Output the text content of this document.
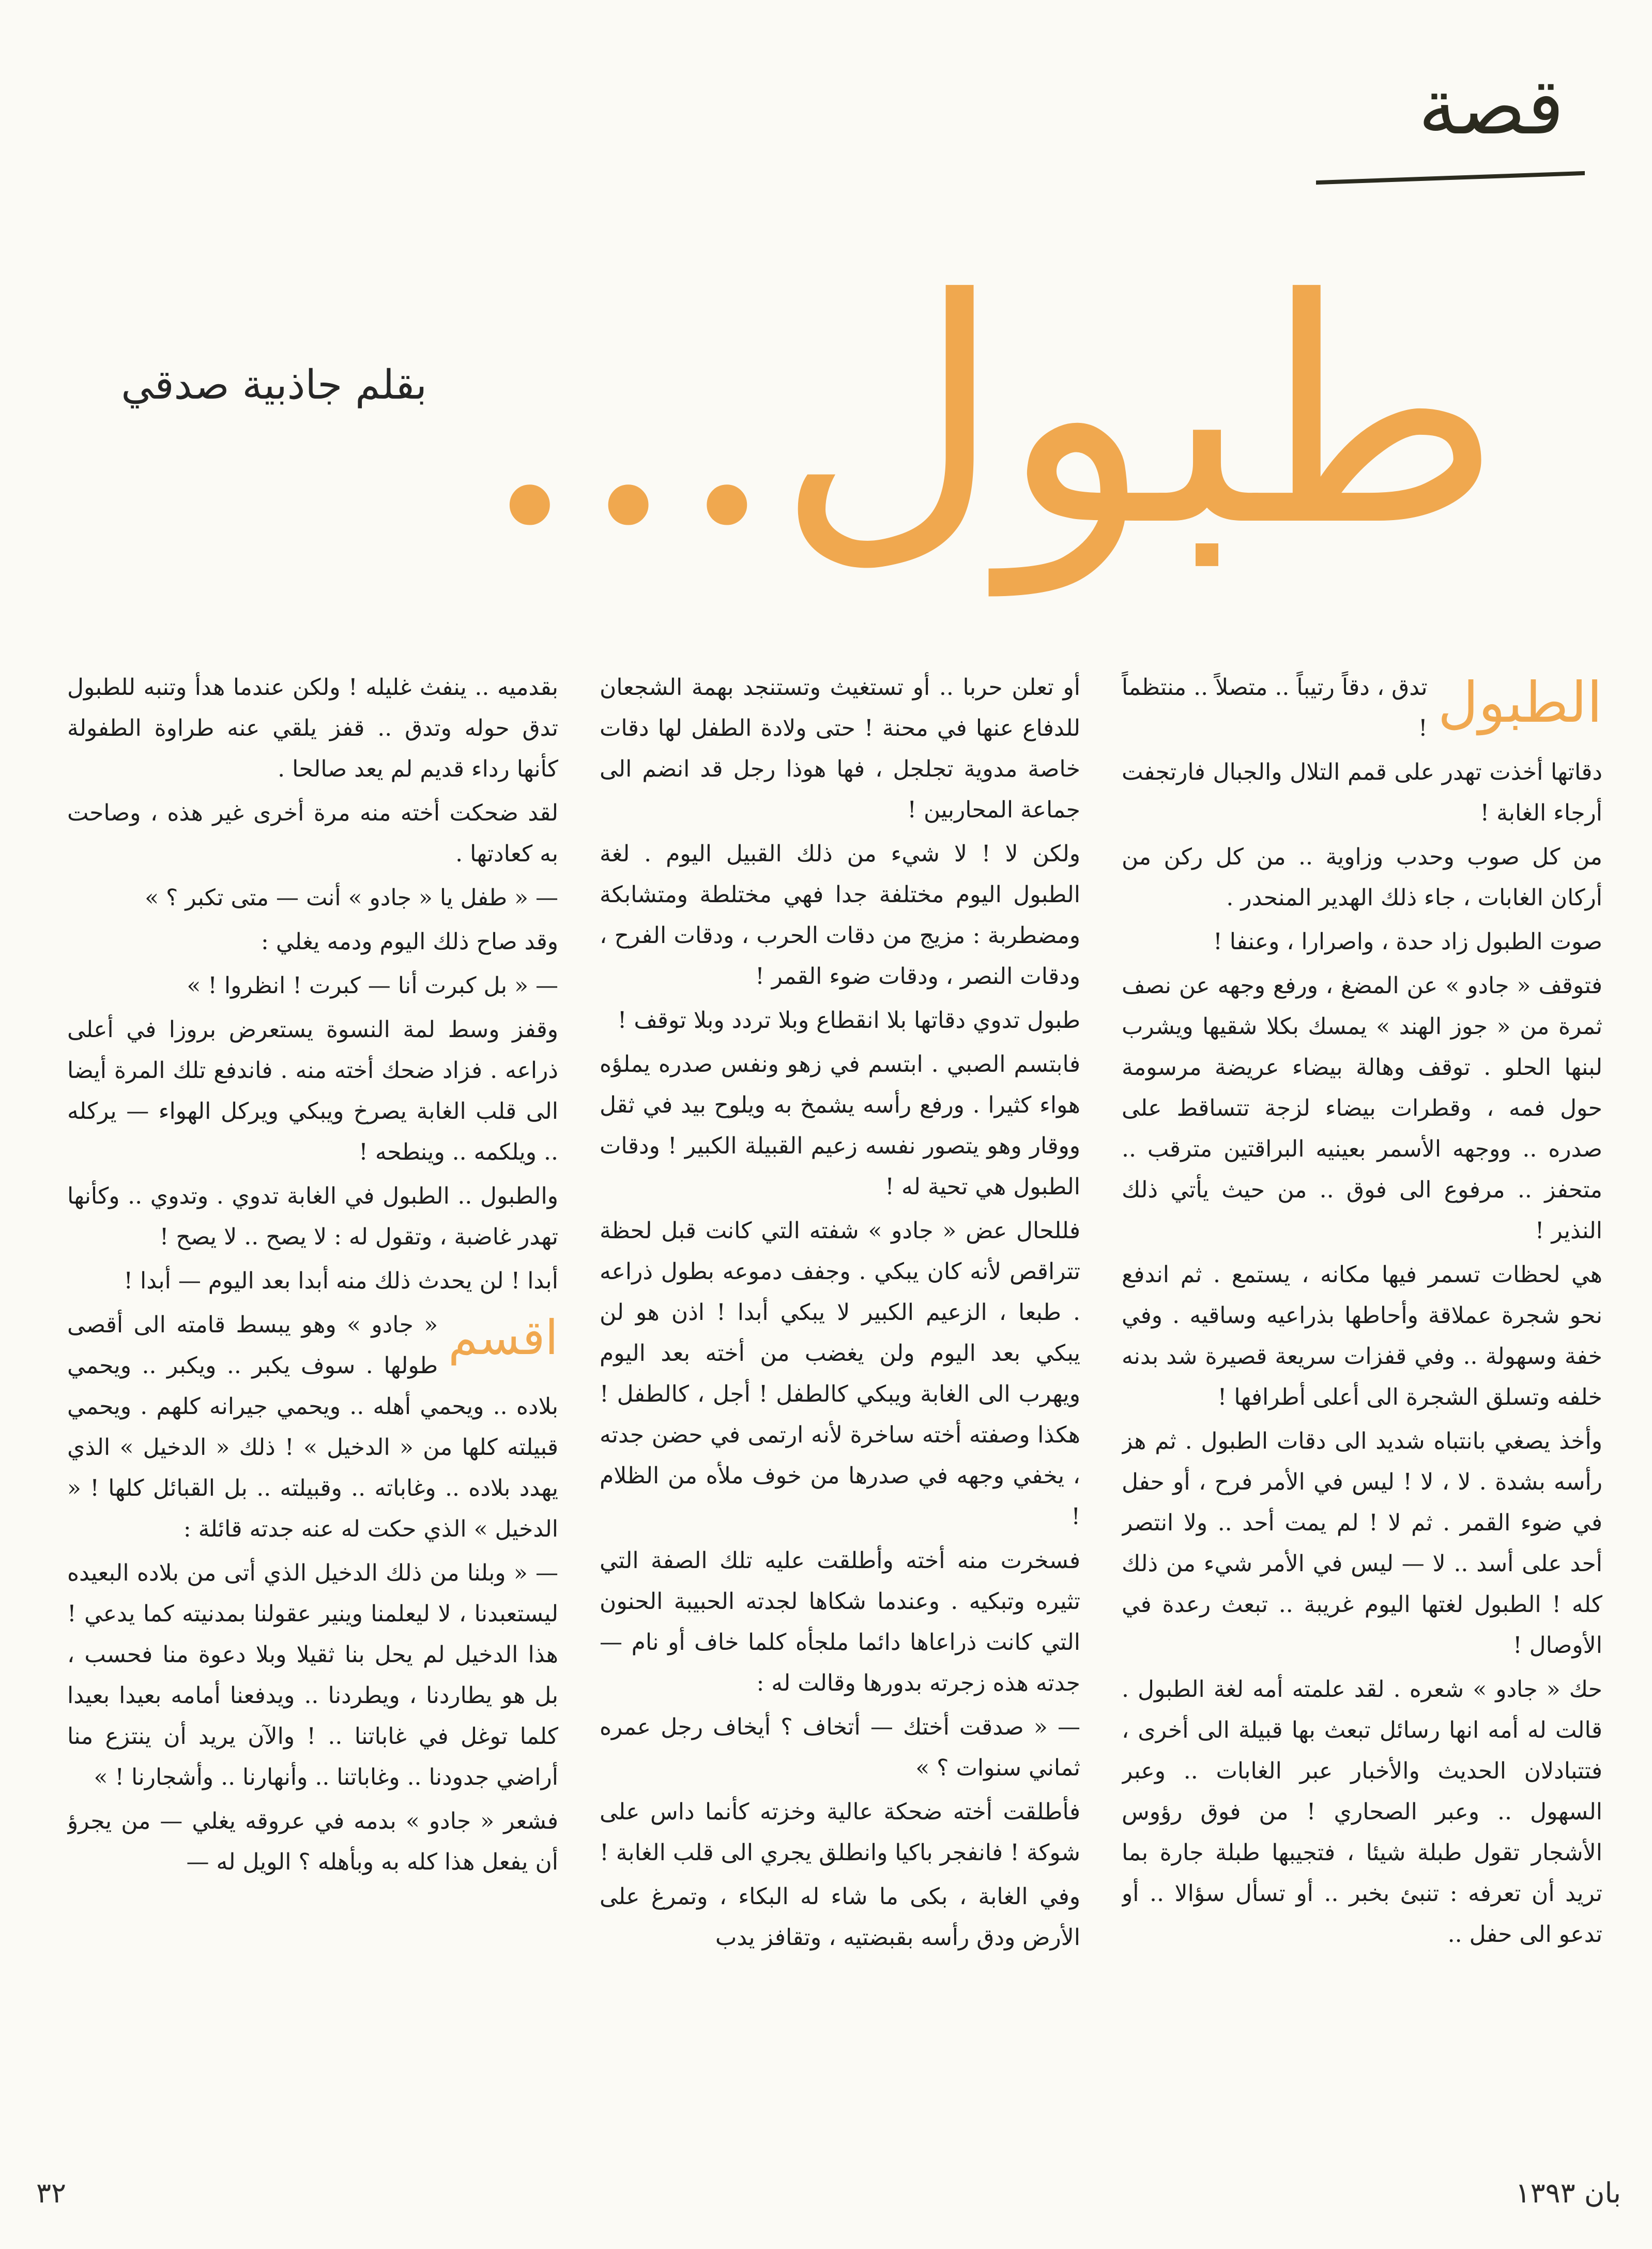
قصة
طبول...
بقلم جاذبية صدقي
الطبول

تدق ، دقاً رتيباً .. متصلاً .. منتظماً !

دقاتها أخذت تهدر على قمم التلال والجبال فارتجفت أرجاء الغابة !

من كل صوب وحدب وزاوية .. من كل ركن من أركان الغابات ، جاء ذلك الهدير المنحدر .

صوت الطبول زاد حدة ، واصرارا ، وعنفا !

فتوقف « جادو » عن المضغ ، ورفع وجهه عن نصف ثمرة من « جوز الهند » يمسك بكلا شقيها ويشرب لبنها الحلو . توقف وهالة بيضاء عريضة مرسومة حول فمه ، وقطرات بيضاء لزجة تتساقط على صدره .. ووجهه الأسمر بعينيه البراقتين مترقب .. متحفز .. مرفوع الى فوق .. من حيث يأتي ذلك النذير !

هي لحظات تسمر فيها مكانه ، يستمع . ثم اندفع نحو شجرة عملاقة وأحاطها بذراعيه وساقيه . وفي خفة وسهولة .. وفي قفزات سريعة قصيرة شد بدنه خلفه وتسلق الشجرة الى أعلى أطرافها !

وأخذ يصغي بانتباه شديد الى دقات الطبول . ثم هز رأسه بشدة . لا ، لا ! ليس في الأمر فرح ، أو حفل في ضوء القمر . ثم لا ! لم يمت أحد .. ولا انتصر أحد على أسد .. لا — ليس في الأمر شيء من ذلك كله ! الطبول لغتها اليوم غريبة .. تبعث رعدة في الأوصال !

حك « جادو » شعره . لقد علمته أمه لغة الطبول . قالت له أمه انها رسائل تبعث بها قبيلة الى أخرى ، فتتبادلان الحديث والأخبار عبر الغابات .. وعبر السهول .. وعبر الصحاري ! من فوق رؤوس الأشجار تقول طبلة شيئا ، فتجيبها طبلة جارة بما تريد أن تعرفه : تنبئ بخبر .. أو تسأل سؤالا .. أو تدعو الى حفل ..

أو تعلن حربا .. أو تستغيث وتستنجد بهمة الشجعان للدفاع عنها في محنة ! حتى ولادة الطفل لها دقات خاصة مدوية تجلجل ، فها هوذا رجل قد انضم الى جماعة المحاربين !

ولكن لا ! لا شيء من ذلك القبيل اليوم . لغة الطبول اليوم مختلفة جدا فهي مختلطة ومتشابكة ومضطربة : مزيج من دقات الحرب ، ودقات الفرح ، ودقات النصر ، ودقات ضوء القمر !

طبول تدوي دقاتها بلا انقطاع وبلا تردد وبلا توقف !

فابتسم الصبي . ابتسم في زهو ونفس صدره يملؤه هواء كثيرا . ورفع رأسه يشمخ به ويلوح بيد في ثقل ووقار وهو يتصور نفسه زعيم القبيلة الكبير ! ودقات الطبول هي تحية له !

فللحال عض « جادو » شفته التي كانت قبل لحظة تتراقص لأنه كان يبكي . وجفف دموعه بطول ذراعه . طبعا ، الزعيم الكبير لا يبكي أبدا ! اذن هو لن يبكي بعد اليوم ولن يغضب من أخته بعد اليوم ويهرب الى الغابة ويبكي كالطفل ! أجل ، كالطفل ! هكذا وصفته أخته ساخرة لأنه ارتمى في حضن جدته ، يخفي وجهه في صدرها من خوف ملأه من الظلام !

فسخرت منه أخته وأطلقت عليه تلك الصفة التي تثيره وتبكيه . وعندما شكاها لجدته الحبيبة الحنون التي كانت ذراعاها دائما ملجأه كلما خاف أو نام — جدته هذه زجرته بدورها وقالت له :

— « صدقت أختك — أتخاف ؟ أيخاف رجل عمره ثماني سنوات ؟ »

فأطلقت أخته ضحكة عالية وخزته كأنما داس على شوكة ! فانفجر باكيا وانطلق يجري الى قلب الغابة !

وفي الغابة ، بكى ما شاء له البكاء ، وتمرغ على الأرض ودق رأسه بقبضتيه ، وتقافز يدب

بقدميه .. ينفث غليله ! ولكن عندما هدأ وتنبه للطبول تدق حوله وتدق .. قفز يلقي عنه طراوة الطفولة كأنها رداء قديم لم يعد صالحا .

لقد ضحكت أخته منه مرة أخرى غير هذه ، وصاحت به كعادتها .

— « طفل يا « جادو » أنت — متى تكبر ؟ »

وقد صاح ذلك اليوم ودمه يغلي :

— « بل كبرت أنا — كبرت ! انظروا ! »

وقفز وسط لمة النسوة يستعرض بروزا في أعلى ذراعه . فزاد ضحك أخته منه . فاندفع تلك المرة أيضا الى قلب الغابة يصرخ ويبكي ويركل الهواء — يركله .. ويلكمه .. وينطحه !

والطبول .. الطبول في الغابة تدوي . وتدوي .. وكأنها تهدر غاضبة ، وتقول له : لا يصح .. لا يصح !

أبدا ! لن يحدث ذلك منه أبدا بعد اليوم — أبدا !

اقسم

« جادو » وهو يبسط قامته الى أقصى طولها . سوف يكبر .. ويكبر .. ويحمي بلاده .. ويحمي أهله .. ويحمي جيرانه كلهم . ويحمي قبيلته كلها من « الدخيل » ! ذلك « الدخيل » الذي يهدد بلاده .. وغاباته .. وقبيلته .. بل القبائل كلها ! « الدخيل » الذي حكت له عنه جدته قائلة :

— « وبلنا من ذلك الدخيل الذي أتى من بلاده البعيده ليستعبدنا ، لا ليعلمنا وينير عقولنا بمدنيته كما يدعي ! هذا الدخيل لم يحل بنا ثقيلا وبلا دعوة منا فحسب ، بل هو يطاردنا ، ويطردنا .. ويدفعنا أمامه بعيدا بعيدا كلما توغل في غاباتنا .. ! والآن يريد أن ينتزع منا أراضي جدودنا .. وغاباتنا .. وأنهارنا .. وأشجارنا ! »

فشعر « جادو » بدمه في عروقه يغلي — من يجرؤ أن يفعل هذا كله به وبأهله ؟ الويل له —

٣٢	بان ١٣٩٣
